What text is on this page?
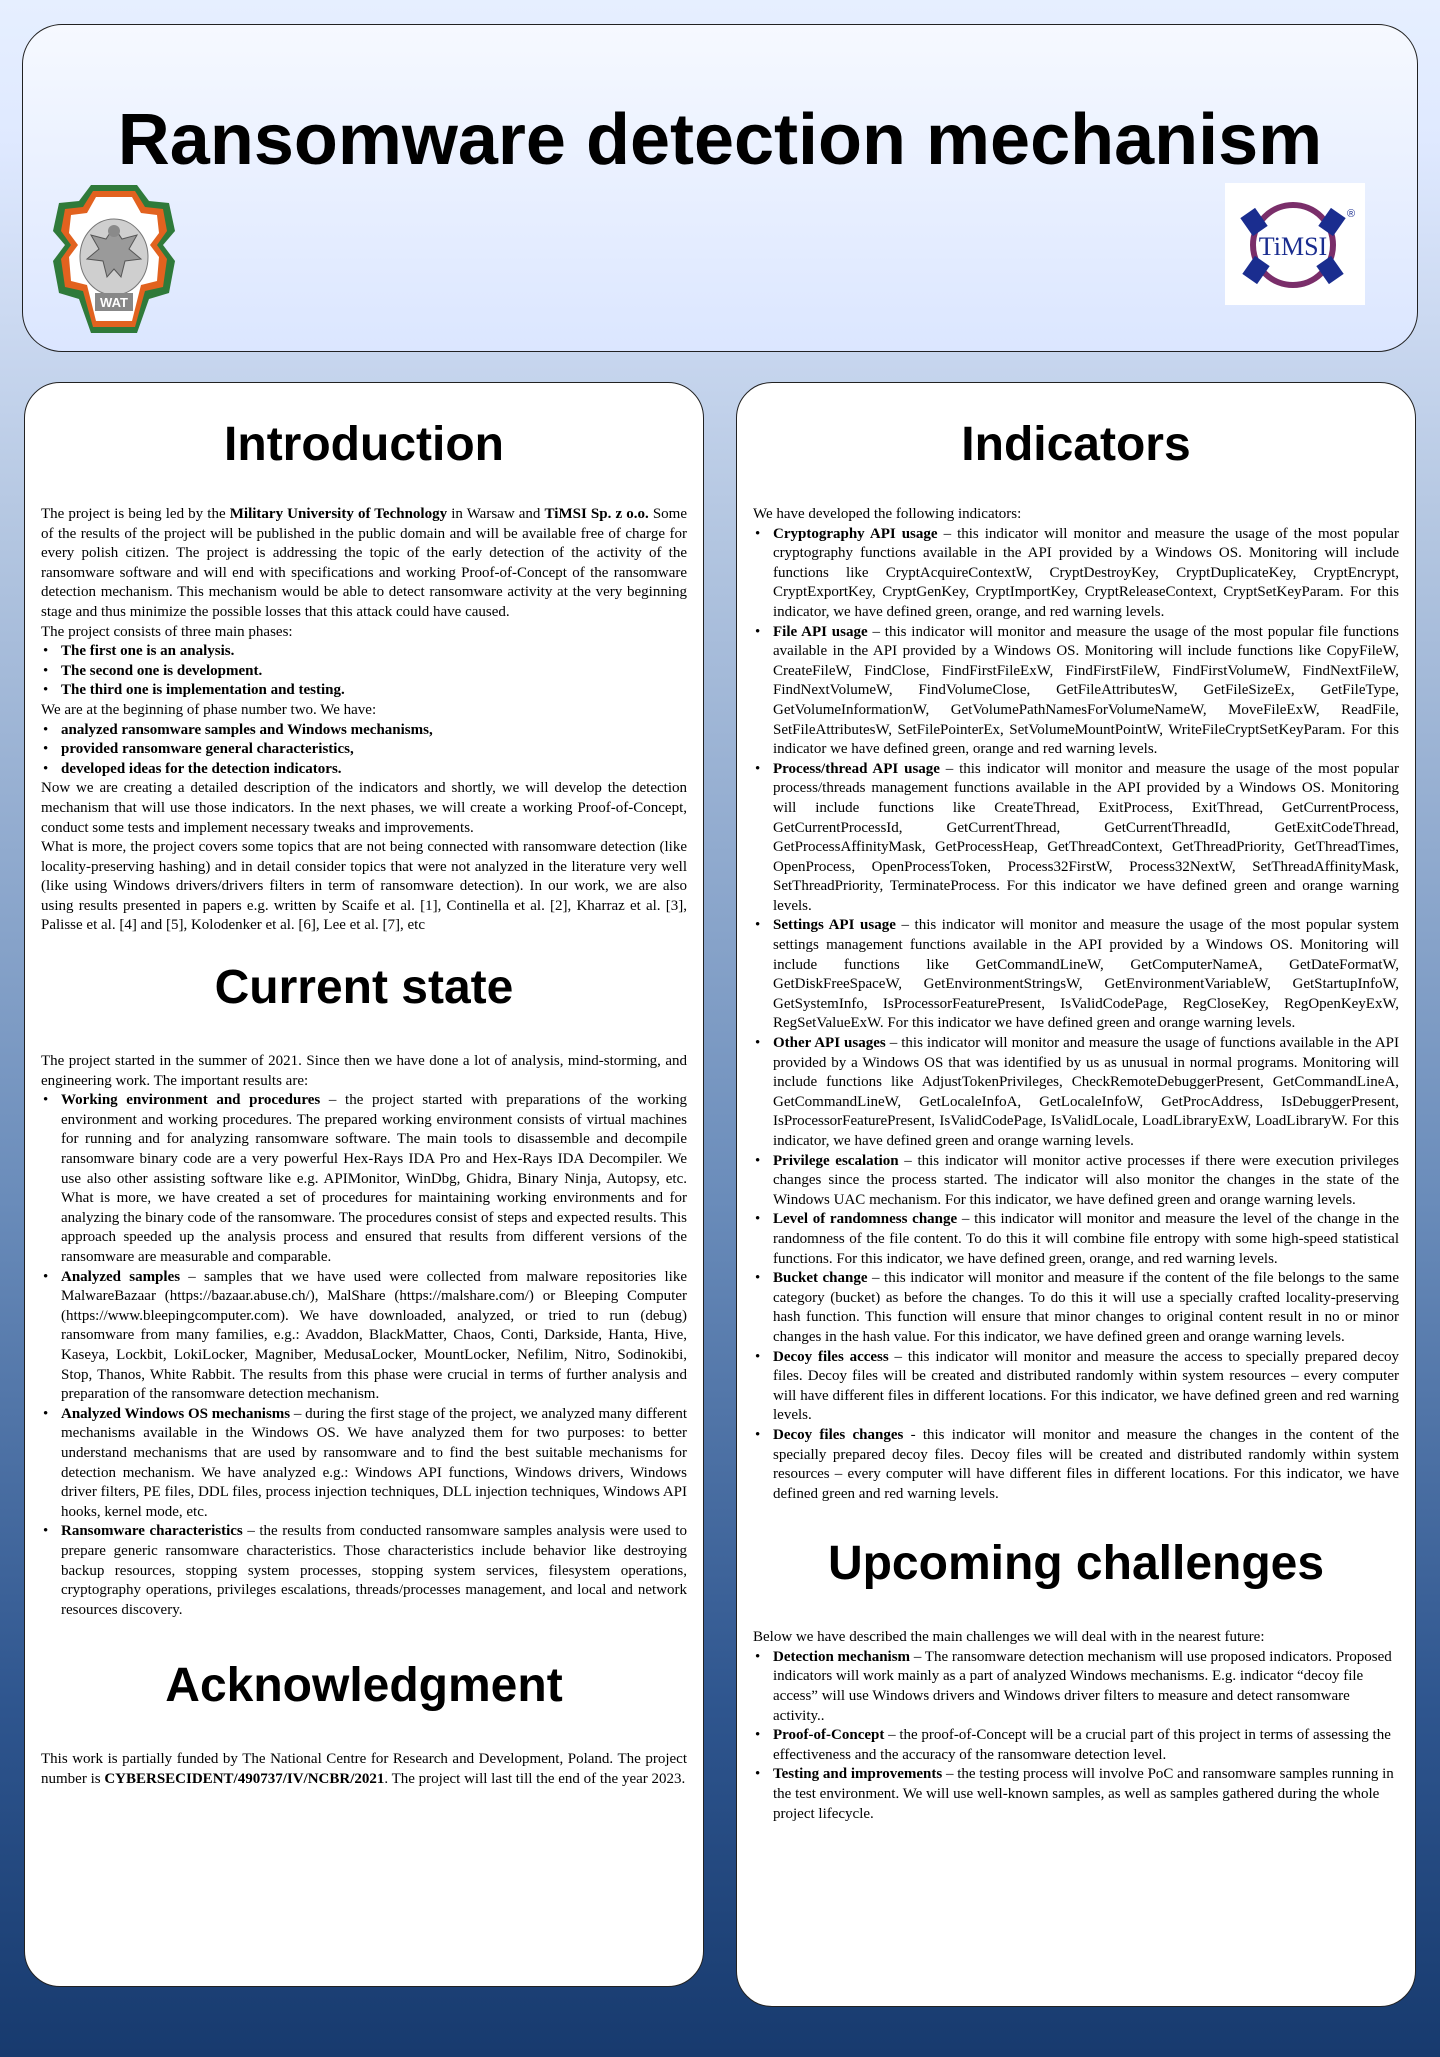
Ransomware detection mechanism
WAT
TiMSI
®
Introduction

The project is being led by the Military University of Technology in Warsaw and TiMSI Sp. z o.o. Some of the results of the project will be published in the public domain and will be available free of charge for every polish citizen. The project is addressing the topic of the early detection of the activity of the ransomware software and will end with specifications and working Proof-of-Concept of the ransomware detection mechanism. This mechanism would be able to detect ransomware activity at the very beginning stage and thus minimize the possible losses that this attack could have caused.

The project consists of three main phases:

• The first one is an analysis.
• The second one is development.
• The third one is implementation and testing.

We are at the beginning of phase number two. We have:

• analyzed ransomware samples and Windows mechanisms,
• provided ransomware general characteristics,
• developed ideas for the detection indicators.

Now we are creating a detailed description of the indicators and shortly, we will develop the detection mechanism that will use those indicators. In the next phases, we will create a working Proof-of-Concept, conduct some tests and implement necessary tweaks and improvements.

What is more, the project covers some topics that are not being connected with ransomware detection (like locality-preserving hashing) and in detail consider topics that were not analyzed in the literature very well (like using Windows drivers/drivers filters in term of ransomware detection). In our work, we are also using results presented in papers e.g. written by Scaife et al. [1], Continella et al. [2], Kharraz et al. [3], Palisse et al. [4] and [5], Kolodenker et al. [6], Lee et al. [7], etc

Current state

The project started in the summer of 2021. Since then we have done a lot of analysis, mind-storming, and engineering work. The important results are:

• Working environment and procedures – the project started with preparations of the working environment and working procedures. The prepared working environment consists of virtual machines for running and for analyzing ransomware software. The main tools to disassemble and decompile ransomware binary code are a very powerful Hex-Rays IDA Pro and Hex-Rays IDA Decompiler. We use also other assisting software like e.g. APIMonitor, WinDbg, Ghidra, Binary Ninja, Autopsy, etc. What is more, we have created a set of procedures for maintaining working environments and for analyzing the binary code of the ransomware. The procedures consist of steps and expected results. This approach speeded up the analysis process and ensured that results from different versions of the ransomware are measurable and comparable.
• Analyzed samples – samples that we have used were collected from malware repositories like MalwareBazaar (https://bazaar.abuse.ch/), MalShare (https://malshare.com/) or Bleeping Computer (https://www.bleepingcomputer.com). We have downloaded, analyzed, or tried to run (debug) ransomware from many families, e.g.: Avaddon, BlackMatter, Chaos, Conti, Darkside, Hanta, Hive, Kaseya, Lockbit, LokiLocker, Magniber, MedusaLocker, MountLocker, Nefilim, Nitro, Sodinokibi, Stop, Thanos, White Rabbit. The results from this phase were crucial in terms of further analysis and preparation of the ransomware detection mechanism.
• Analyzed Windows OS mechanisms – during the first stage of the project, we analyzed many different mechanisms available in the Windows OS. We have analyzed them for two purposes: to better understand mechanisms that are used by ransomware and to find the best suitable mechanisms for detection mechanism. We have analyzed e.g.: Windows API functions, Windows drivers, Windows driver filters, PE files, DDL files, process injection techniques, DLL injection techniques, Windows API hooks, kernel mode, etc.
• Ransomware characteristics – the results from conducted ransomware samples analysis were used to prepare generic ransomware characteristics. Those characteristics include behavior like destroying backup resources, stopping system processes, stopping system services, filesystem operations, cryptography operations, privileges escalations, threads/processes management, and local and network resources discovery.
Acknowledgment

This work is partially funded by The National Centre for Research and Development, Poland. The project number is CYBERSECIDENT/490737/IV/NCBR/2021. The project will last till the end of the year 2023.

Indicators

We have developed the following indicators:

• Cryptography API usage – this indicator will monitor and measure the usage of the most popular cryptography functions available in the API provided by a Windows OS. Monitoring will include functions like CryptAcquireContextW, CryptDestroyKey, CryptDuplicateKey, CryptEncrypt, CryptExportKey, CryptGenKey, CryptImportKey, CryptReleaseContext, CryptSetKeyParam. For this indicator, we have defined green, orange, and red warning levels.
• File API usage – this indicator will monitor and measure the usage of the most popular file functions available in the API provided by a Windows OS. Monitoring will include functions like CopyFileW, CreateFileW, FindClose, FindFirstFileExW, FindFirstFileW, FindFirstVolumeW, FindNextFileW, FindNextVolumeW, FindVolumeClose, GetFileAttributesW, GetFileSizeEx, GetFileType, GetVolumeInformationW, GetVolumePathNamesForVolumeNameW, MoveFileExW, ReadFile, SetFileAttributesW, SetFilePointerEx, SetVolumeMountPointW, WriteFileCryptSetKeyParam. For this indicator we have defined green, orange and red warning levels.
• Process/thread API usage – this indicator will monitor and measure the usage of the most popular process/threads management functions available in the API provided by a Windows OS. Monitoring will include functions like CreateThread, ExitProcess, ExitThread, GetCurrentProcess, GetCurrentProcessId, GetCurrentThread, GetCurrentThreadId, GetExitCodeThread, GetProcessAffinityMask, GetProcessHeap, GetThreadContext, GetThreadPriority, GetThreadTimes, OpenProcess, OpenProcessToken, Process32FirstW, Process32NextW, SetThreadAffinityMask, SetThreadPriority, TerminateProcess. For this indicator we have defined green and orange warning levels.
• Settings API usage – this indicator will monitor and measure the usage of the most popular system settings management functions available in the API provided by a Windows OS. Monitoring will include functions like GetCommandLineW, GetComputerNameA, GetDateFormatW, GetDiskFreeSpaceW, GetEnvironmentStringsW, GetEnvironmentVariableW, GetStartupInfoW, GetSystemInfo, IsProcessorFeaturePresent, IsValidCodePage, RegCloseKey, RegOpenKeyExW, RegSetValueExW. For this indicator we have defined green and orange warning levels.
• Other API usages – this indicator will monitor and measure the usage of functions available in the API provided by a Windows OS that was identified by us as unusual in normal programs. Monitoring will include functions like AdjustTokenPrivileges, CheckRemoteDebuggerPresent, GetCommandLineA, GetCommandLineW, GetLocaleInfoA, GetLocaleInfoW, GetProcAddress, IsDebuggerPresent, IsProcessorFeaturePresent, IsValidCodePage, IsValidLocale, LoadLibraryExW, LoadLibraryW. For this indicator, we have defined green and orange warning levels.
• Privilege escalation – this indicator will monitor active processes if there were execution privileges changes since the process started. The indicator will also monitor the changes in the state of the Windows UAC mechanism. For this indicator, we have defined green and orange warning levels.
• Level of randomness change – this indicator will monitor and measure the level of the change in the randomness of the file content. To do this it will combine file entropy with some high-speed statistical functions. For this indicator, we have defined green, orange, and red warning levels.
• Bucket change – this indicator will monitor and measure if the content of the file belongs to the same category (bucket) as before the changes. To do this it will use a specially crafted locality-preserving hash function. This function will ensure that minor changes to original content result in no or minor changes in the hash value. For this indicator, we have defined green and orange warning levels.
• Decoy files access – this indicator will monitor and measure the access to specially prepared decoy files. Decoy files will be created and distributed randomly within system resources – every computer will have different files in different locations. For this indicator, we have defined green and red warning levels.
• Decoy files changes - this indicator will monitor and measure the changes in the content of the specially prepared decoy files. Decoy files will be created and distributed randomly within system resources – every computer will have different files in different locations. For this indicator, we have defined green and red warning levels.
Upcoming challenges

Below we have described the main challenges we will deal with in the nearest future:

• Detection mechanism – The ransomware detection mechanism will use proposed indicators. Proposed indicators will work mainly as a part of analyzed Windows mechanisms. E.g. indicator “decoy file access” will use Windows drivers and Windows driver filters to measure and detect ransomware activity..
• Proof-of-Concept – the proof-of-Concept will be a crucial part of this project in terms of assessing the effectiveness and the accuracy of the ransomware detection level.
• Testing and improvements – the testing process will involve PoC and ransomware samples running in the test environment. We will use well-known samples, as well as samples gathered during the whole project lifecycle.
